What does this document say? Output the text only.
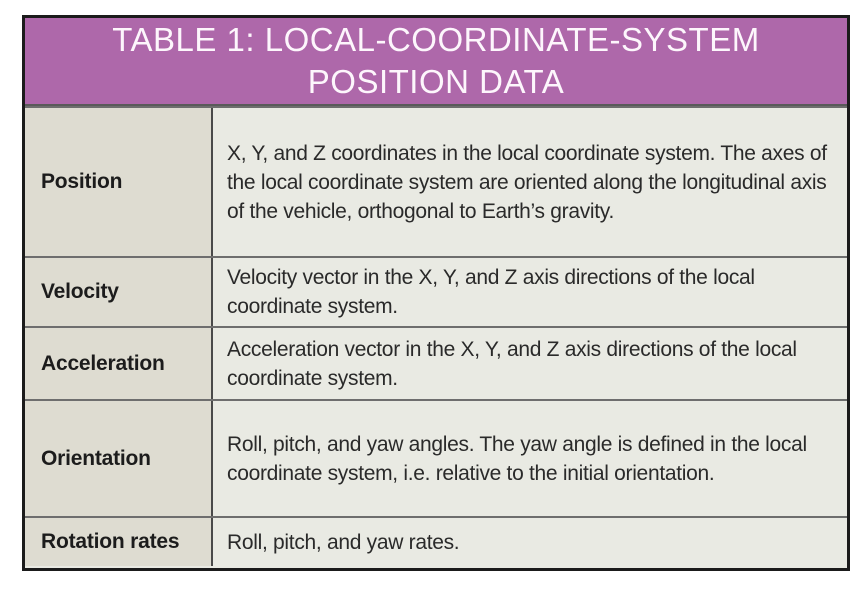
TABLE 1: LOCAL-COORDINATE-SYSTEM
POSITION DATA
Position
X, Y, and Z coordinates in the local coordinate system. The axes of the local coordinate system are oriented along the longitudinal axis of the vehicle, orthogonal to Earth’s gravity.
Velocity
Velocity vector in the X, Y, and Z axis directions of the local coordinate system.
Acceleration
Acceleration vector in the X, Y, and Z axis directions of the local coordinate system.
Orientation
Roll, pitch, and yaw angles. The yaw angle is defined in the local coordinate system, i.e. relative to the initial orientation.
Rotation rates Roll, pitch, and yaw rates.
